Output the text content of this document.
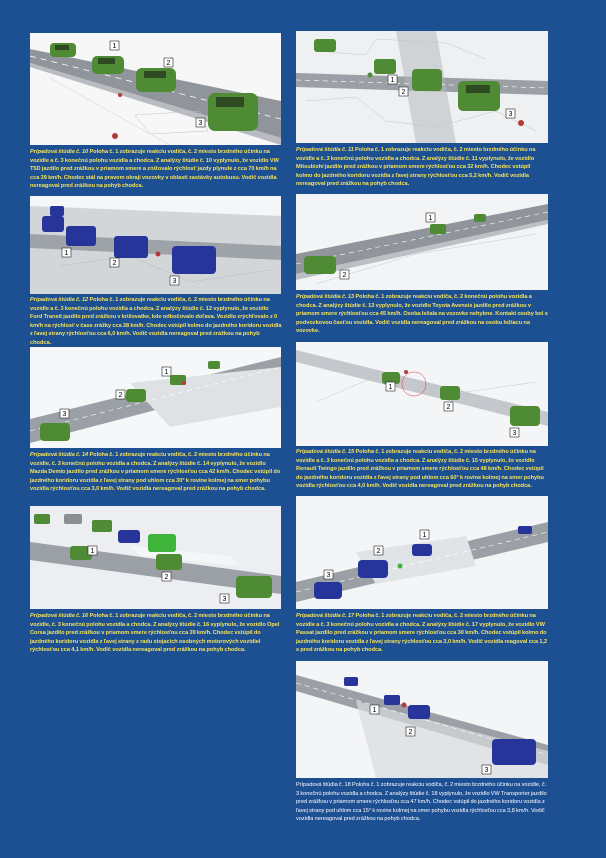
1
2
3
Prípadová štúdia č. 10 Poloha č. 1 zobrazuje reakciu vodiča, č. 2 miesto brzdného účinku na vozidle a č. 3 konečnú polohu vozidla a chodca. Z analýzy štúdie č. 10 vyplynulo, že vozidlo VW T5D jazdilo pred zrážkou v priamom smere a znižovalo rýchlosť jazdy plynule z cca 70 km/h na cca 39 km/h. Chodec stál na pravom okraji vozovky v oblasti zastávky autobusu. Vodič vozidla nereagoval pred zrážkou na pohyb chodca.
1
2
3
Prípadová štúdia č. 11 Poloha č. 1 zobrazuje reakciu vodiča, č. 2 miesto brzdného účinku na vozidle a č. 3 konečnú polohu vozidla a chodca. Z analýzy štúdie č. 11 vyplynulo, že vozidlo Mitsubishi jazdilo pred zrážkou v priamom smere rýchlosťou cca 32 km/h. Chodec vstúpil kolmo do jazdného koridoru vozidla z ľavej strany rýchlosťou cca 5,2 km/h. Vodič vozidla nereagoval pred zrážkou na pohyb chodca.
1
2
3
Prípadová štúdia č. 12 Poloha č. 1 zobrazuje reakciu vodiča, č. 2 miesto brzdného účinku na vozidle a č. 3 konečnú polohu vozidla a chodca. Z analýzy štúdie č. 12 vyplynulo, že vozidlo Ford Transit jazdilo pred zrážkou v križovatke, kde odbočovalo doľava. Vozidlo zrýchľovalo z 0 km/h na rýchlosť v čase zrážky cca 38 km/h. Chodec vstúpil kolmo do jazdného koridoru vozidla z ľavej strany rýchlosťou cca 6,0 km/h. Vodič vozidla nereagoval pred zrážkou na pohyb chodca.
1
2
Prípadová štúdia č. 13 Poloha č. 1 zobrazuje reakciu vodiča, č. 2 konečnú polohu vozidla a chodca. Z analýzy štúdie č. 13 vyplynulo, že vozidlo Toyota Avensis jazdilo pred zrážkou v priamom smere rýchlosťou cca 45 km/h. Osoba ležala na vozovke nehybne. Kontakt osoby bol s podvozkovou časťou vozidla. Vodič vozidla nereagoval pred zrážkou na osobu ležiacu na vozovke.
1
2
3
Prípadová štúdia č. 14 Poloha č. 1 zobrazuje reakciu vodiča, č. 2 miesto brzdného účinku na vozidle, č. 3 konečnú polohu vozidla a chodca. Z analýzy štúdie č. 14 vyplynulo, že vozidlo Mazda Demio jazdilo pred zrážkou v priamom smere rýchlosťou cca 42 km/h. Chodec vstúpil do jazdného koridoru vozidla z ľavej strany pod uhlom cca 30° k rovine kolmej na smer pohybu vozidla rýchlosťou cca 3,0 km/h. Vodič vozidla nereagoval pred zrážkou na pohyb chodca.
1
2
3
Prípadová štúdia č. 15 Poloha č. 1 zobrazuje reakciu vodiča, č. 2 miesto brzdného účinku na vozidle a č. 3 konečnú polohu vozidla a chodca. Z analýzy štúdie č. 15 vyplynulo, že vozidlo Renault Twingo jazdilo pred zrážkou v priamom smere rýchlosťou cca 48 km/h. Chodec vstúpil do jazdného koridoru vozidla z ľavej strany pod uhlom cca 60° k rovine kolmej na smer pohybu vozidla rýchlosťou cca 4,0 km/h. Vodič vozidla nereagoval pred zrážkou na pohyb chodca.
1
2
3
Prípadová štúdia č. 16 Poloha č. 1 zobrazuje reakciu vodiča, č. 2 miesto brzdného účinku na vozidle, č. 3 konečnú polohu vozidla a chodca. Z analýzy štúdie č. 16 vyplynulo, že vozidlo Opel Corsa jazdilo pred zrážkou v priamom smere rýchlosťou cca 39 km/h. Chodec vstúpil do jazdného koridoru vozidla z ľavej strany z radu stojacich osobných motorových vozidiel rýchlosťou cca 4,1 km/h. Vodič vozidla nereagoval pred zrážkou na pohyb chodca.
1
2
3
Prípadová štúdia č. 17 Poloha č. 1 zobrazuje reakciu vodiča, č. 2 miesto brzdného účinku na vozidle a č. 3 konečnú polohu vozidla a chodca. Z analýzy štúdie č. 17 vyplynulo, že vozidlo VW Passat jazdilo pred zrážkou v priamom smere rýchlosťou cca 30 km/h. Chodec vstúpil kolmo do jazdného koridoru vozidla z ľavej strany rýchlosťou cca 3,0 km/h. Vodič vozidla reagoval cca 1,2 s pred zrážkou na pohyb chodca.
1
2
3
Prípadová štúdia č. 18 Poloha č. 1 zobrazuje reakciu vodiča, č. 2 miesto brzdného účinku na vozidle, č. 3 konečnú polohu vozidla a chodca. Z analýzy štúdie č. 18 vyplynulo, že vozidlo VW Transporter jazdilo pred zrážkou v priamom smere rýchlosťou cca 47 km/h. Chodec vstúpil do jazdného koridoru vozidla z ľavej strany pod uhlom cca 15° k rovine kolmej na smer pohybu vozidla rýchlosťou cca 3,8 km/h. Vodič vozidla nereagoval pred zrážkou na pohyb chodca.
